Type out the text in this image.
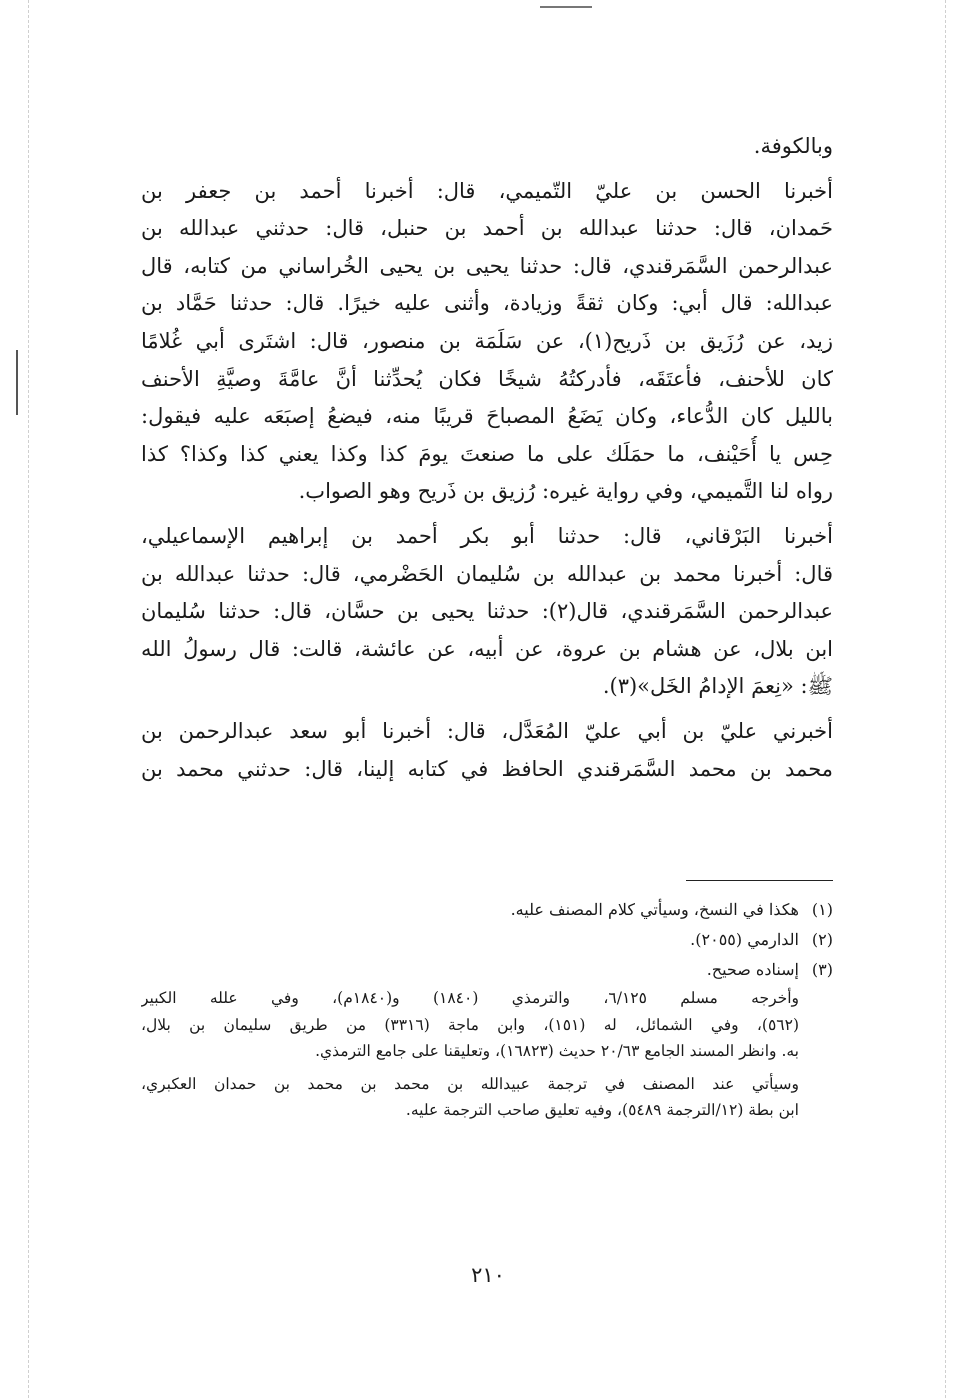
وبالكوفة.
أخبرنا الحسن بن عليّ التّميمي، قال: أخبرنا أحمد بن جعفر بن
حَمدان، قال: حدثنا عبدالله بن أحمد بن حنبل، قال: حدثني عبدالله بن
عبدالرحمن السَّمَرقندي، قال: حدثنا يحيى بن يحيى الخُراساني من كتابه، قال
عبدالله: قال أبي: وكان ثقةً وزيادة، وأثنى عليه خيرًا. قال: حدثنا حَمَّاد بن
زيد، عن رُزَيق بن ذَريح(١)، عن سَلَمَة بن منصور، قال: اشتَرى أبي غُلامًا
كان للأحنف، فأعتَقَه، فأدركتُهُ شيخًا فكان يُحدِّثنا أنَّ عامَّةَ وصيَّةِ الأحنف
بالليل كان الدُّعاء، وكان يَضَعُ المصباحَ قريبًا منه، فيضعُ إصبَعَه عليه فيقول:
حِس يا أُحَيْنف، ما حمَلَك على ما صنعتَ يومَ كذا وكذا يعني كذا وكذا؟ كذا
رواه لنا التَّميمي، وفي رواية غيره: رُزيق بن ذَريح وهو الصواب.
أخبرنا البَرْقاني، قال: حدثنا أبو بكر أحمد بن إبراهيم الإسماعيلي،
قال: أخبرنا محمد بن عبدالله بن سُليمان الحَضْرمي، قال: حدثنا عبدالله بن
عبدالرحمن السَّمَرقندي، قال(٢): حدثنا يحيى بن حسَّان، قال: حدثنا سُليمان
ابن بلال، عن هشام بن عروة، عن أبيه، عن عائشة، قالت: قال رسولُ الله
ﷺ: «نِعمَ الإدامُ الخَل»(٣).
أخبرني عليّ بن أبي عليّ المُعَدَّل، قال: أخبرنا أبو سعد عبدالرحمن بن
محمد بن محمد السَّمَرقندي الحافظ في كتابه إلينا، قال: حدثني محمد بن
(١)
هكذا في النسخ، وسيأتي كلام المصنف عليه.
(٢)
الدارمي (٢٠٥٥).
(٣)
إسناده صحيح.
وأخرجه مسلم ٦/١٢٥، والترمذي (١٨٤٠) و(١٨٤٠م)، وفي علله الكبير
(٥٦٢)، وفي الشمائل، له (١٥١)، وابن ماجة (٣٣١٦) من طريق سليمان بن بلال،
به. وانظر المسند الجامع ٢٠/٦٣ حديث (١٦٨٢٣)، وتعليقنا على جامع الترمذي.
وسيأتي عند المصنف في ترجمة عبيدالله بن محمد بن محمد بن حمدان العكبري،
ابن بطة (١٢/الترجمة ٥٤٨٩)، وفيه تعليق صاحب الترجمة عليه.
٢١٠
